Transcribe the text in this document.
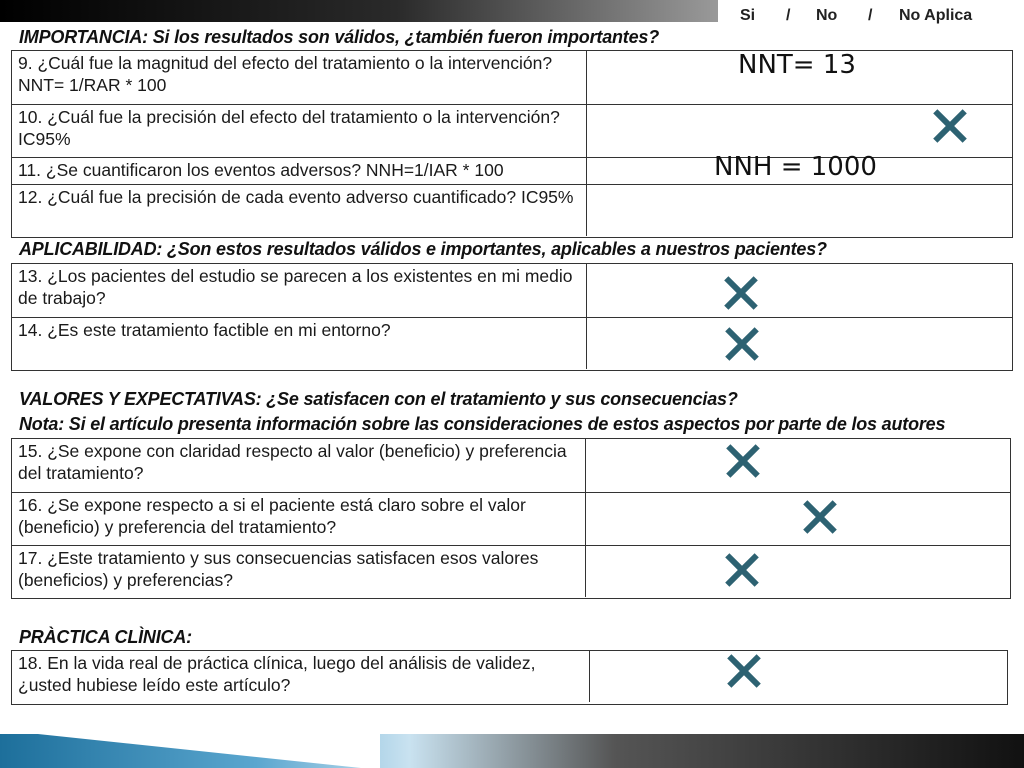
Si / No / No Aplica
IMPORTANCIA: Si los resultados son válidos, ¿también fueron importantes?
9. ¿Cuál fue la magnitud del efecto del tratamiento o la intervención? NNT= 1/RAR * 100
10. ¿Cuál fue la precisión del efecto del tratamiento o la intervención? IC95%
11. ¿Se cuantificaron los eventos adversos? NNH=1/IAR * 100
12. ¿Cuál fue la precisión de cada evento adverso cuantificado? IC95%
NNT= 13
NNH = 1000
APLICABILIDAD: ¿Son estos resultados válidos e importantes, aplicables a nuestros pacientes?
13. ¿Los pacientes del estudio se parecen a los existentes en mi medio de trabajo?
14. ¿Es este tratamiento factible en mi entorno?
VALORES Y EXPECTATIVAS: ¿Se satisfacen con el tratamiento y sus consecuencias?
Nota: Si el artículo presenta información sobre las consideraciones de estos aspectos por parte de los autores
15. ¿Se expone con claridad respecto al valor (beneficio) y preferencia del tratamiento?
16. ¿Se expone respecto a si el paciente está claro sobre el valor (beneficio) y preferencia del tratamiento?
17. ¿Este tratamiento y sus consecuencias satisfacen esos valores (beneficios) y preferencias?
PRÀCTICA CLÌNICA:
18. En la vida real de práctica clínica, luego del análisis de validez, ¿usted hubiese leído este artículo?
